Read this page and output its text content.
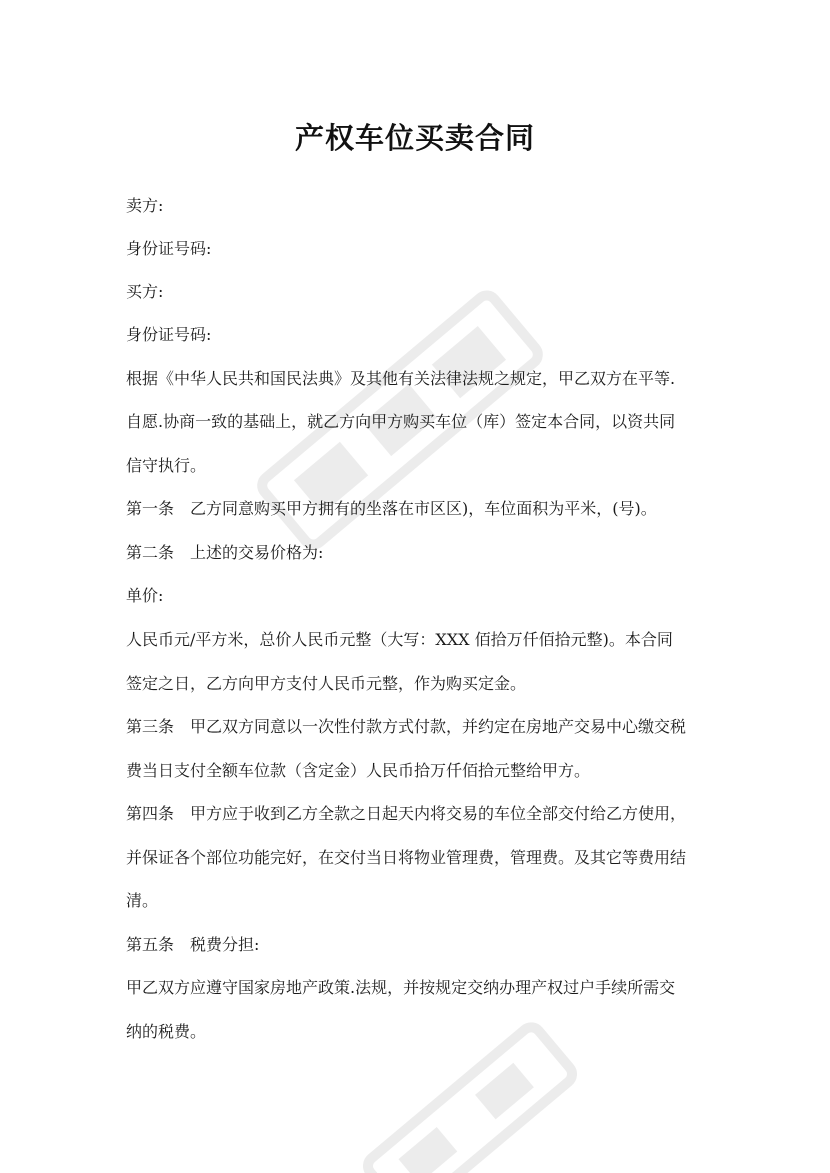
产权车位买卖合同
卖方:
身份证号码:
买方:
身份证号码:
根据《中华人民共和国民法典》及其他有关法律法规之规定，甲乙双方在平等.
自愿.协商一致的基础上，就乙方向甲方购买车位（库）签定本合同，以资共同
信守执行。
第一条　乙方同意购买甲方拥有的坐落在市区区)，车位面积为平米，(号)。
第二条　上述的交易价格为:
单价:
人民币元/平方米，总价人民币元整（大写：XXX 佰拾万仟佰拾元整)。本合同
签定之日，乙方向甲方支付人民币元整，作为购买定金。
第三条　甲乙双方同意以一次性付款方式付款，并约定在房地产交易中心缴交税
费当日支付全额车位款（含定金）人民币拾万仟佰拾元整给甲方。
第四条　甲方应于收到乙方全款之日起天内将交易的车位全部交付给乙方使用，
并保证各个部位功能完好，在交付当日将物业管理费，管理费。及其它等费用结
清。
第五条　税费分担:
甲乙双方应遵守国家房地产政策.法规，并按规定交纳办理产权过户手续所需交
纳的税费。
